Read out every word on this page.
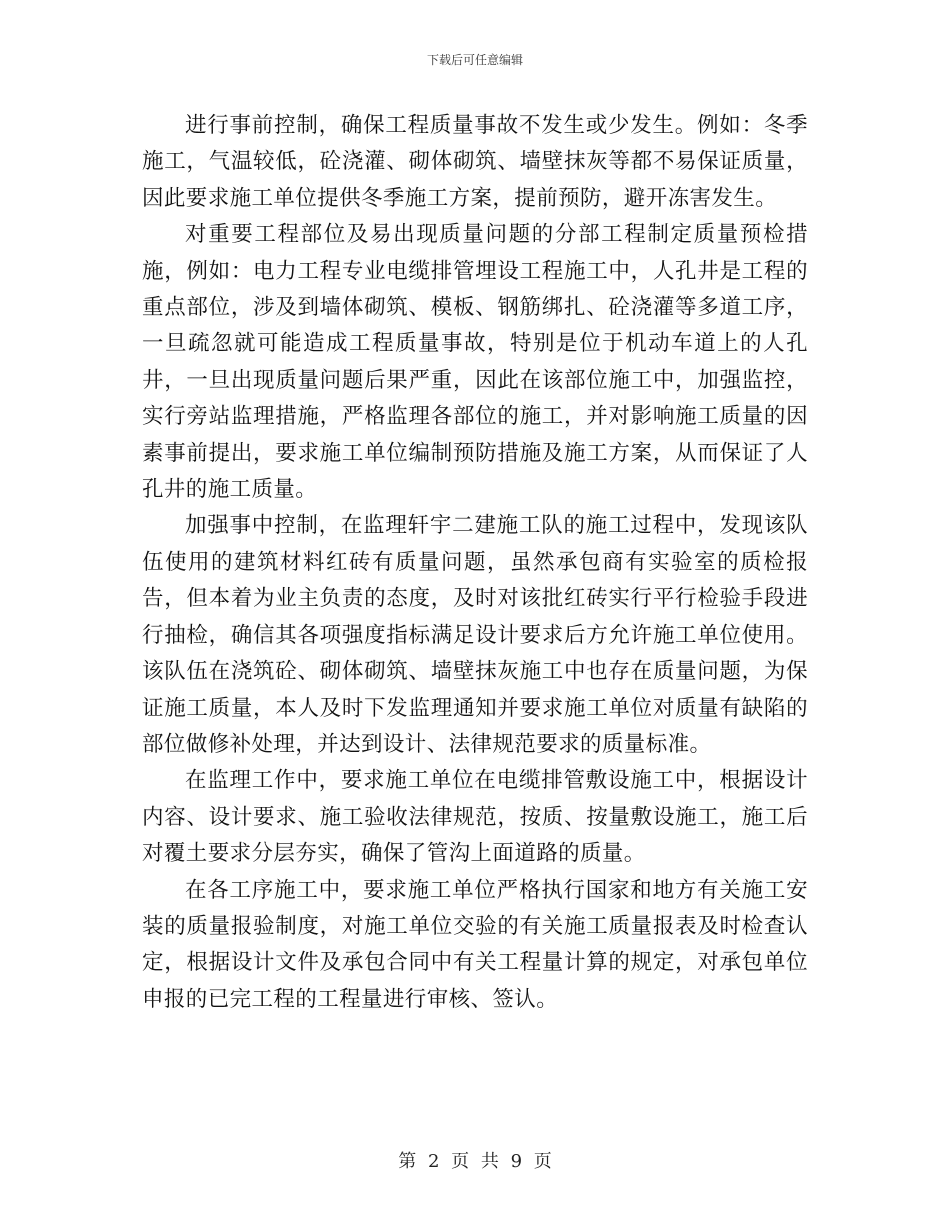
下载后可任意编辑

进行事前控制，确保工程质量事故不发生或少发生。例如：冬季施工，气温较低，砼浇灌、砌体砌筑、墙壁抹灰等都不易保证质量，因此要求施工单位提供冬季施工方案，提前预防，避开冻害发生。

对重要工程部位及易出现质量问题的分部工程制定质量预检措施，例如：电力工程专业电缆排管埋设工程施工中，人孔井是工程的重点部位，涉及到墙体砌筑、模板、钢筋绑扎、砼浇灌等多道工序，一旦疏忽就可能造成工程质量事故，特别是位于机动车道上的人孔井，一旦出现质量问题后果严重，因此在该部位施工中，加强监控，实行旁站监理措施，严格监理各部位的施工，并对影响施工质量的因素事前提出，要求施工单位编制预防措施及施工方案，从而保证了人孔井的施工质量。

加强事中控制，在监理轩宇二建施工队的施工过程中，发现该队伍使用的建筑材料红砖有质量问题，虽然承包商有实验室的质检报告，但本着为业主负责的态度，及时对该批红砖实行平行检验手段进行抽检，确信其各项强度指标满足设计要求后方允许施工单位使用。该队伍在浇筑砼、砌体砌筑、墙壁抹灰施工中也存在质量问题，为保证施工质量，本人及时下发监理通知并要求施工单位对质量有缺陷的部位做修补处理，并达到设计、法律规范要求的质量标准。

在监理工作中，要求施工单位在电缆排管敷设施工中，根据设计内容、设计要求、施工验收法律规范，按质、按量敷设施工，施工后对覆土要求分层夯实，确保了管沟上面道路的质量。

在各工序施工中，要求施工单位严格执行国家和地方有关施工安装的质量报验制度，对施工单位交验的有关施工质量报表及时检查认定，根据设计文件及承包合同中有关工程量计算的规定，对承包单位申报的已完工程的工程量进行审核、签认。

第 2 页 共 9 页
